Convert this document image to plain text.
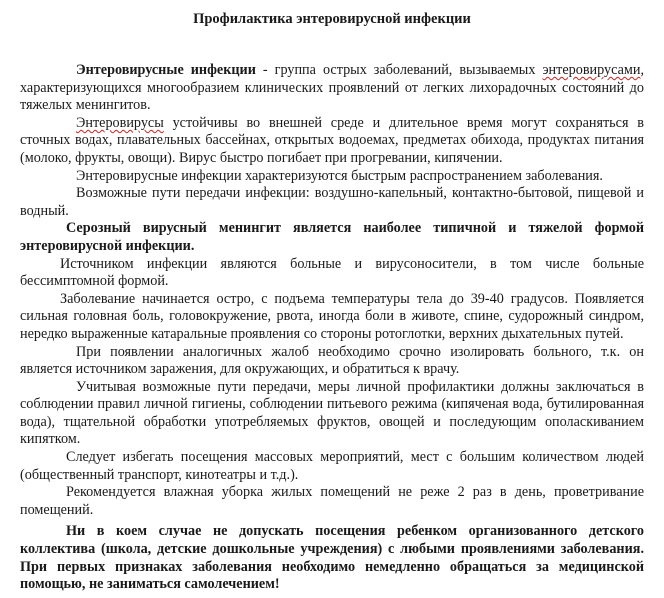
Профилактика энтеровирусной инфекции

Энтеровирусные инфекции - группа острых заболеваний, вызываемых энтеровирусами, характеризующихся многообразием клинических проявлений от легких лихорадочных состояний до тяжелых менингитов.

Энтеровирусы устойчивы во внешней среде и длительное время могут сохраняться в сточных водах, плавательных бассейнах, открытых водоемах, предметах обихода, продуктах питания (молоко, фрукты, овощи). Вирус быстро погибает при прогревании, кипячении.

Энтеровирусные инфекции характеризуются быстрым распространением заболевания.

Возможные пути передачи инфекции: воздушно-капельный, контактно-бытовой, пищевой и водный.

Серозный вирусный менингит является наиболее типичной и тяжелой формой энтеровирусной инфекции.

Источником инфекции являются больные и вирусоносители, в том числе больные бессимптомной формой.

Заболевание начинается остро, с подъема температуры тела до 39-40 градусов. Появляется сильная головная боль, головокружение, рвота, иногда боли в животе, спине, судорожный синдром, нередко выраженные катаральные проявления со стороны ротоглотки, верхних дыхательных путей.

При появлении аналогичных жалоб необходимо срочно изолировать больного, т.к. он является источником заражения, для окружающих, и обратиться к врачу.

Учитывая возможные пути передачи, меры личной профилактики должны заключаться в соблюдении правил личной гигиены, соблюдении питьевого режима (кипяченая вода, бутилированная вода), тщательной обработки употребляемых фруктов, овощей и последующим ополаскиванием кипятком.

Следует избегать посещения массовых мероприятий, мест с большим количеством людей (общественный транспорт, кинотеатры и т.д.).

Рекомендуется влажная уборка жилых помещений не реже 2 раз в день, проветривание помещений.

Ни в коем случае не допускать посещения ребенком организованного детского коллектива (школа, детские дошкольные учреждения) с любыми проявлениями заболевания. При первых признаках заболевания необходимо немедленно обращаться за медицинской помощью, не заниматься самолечением!
